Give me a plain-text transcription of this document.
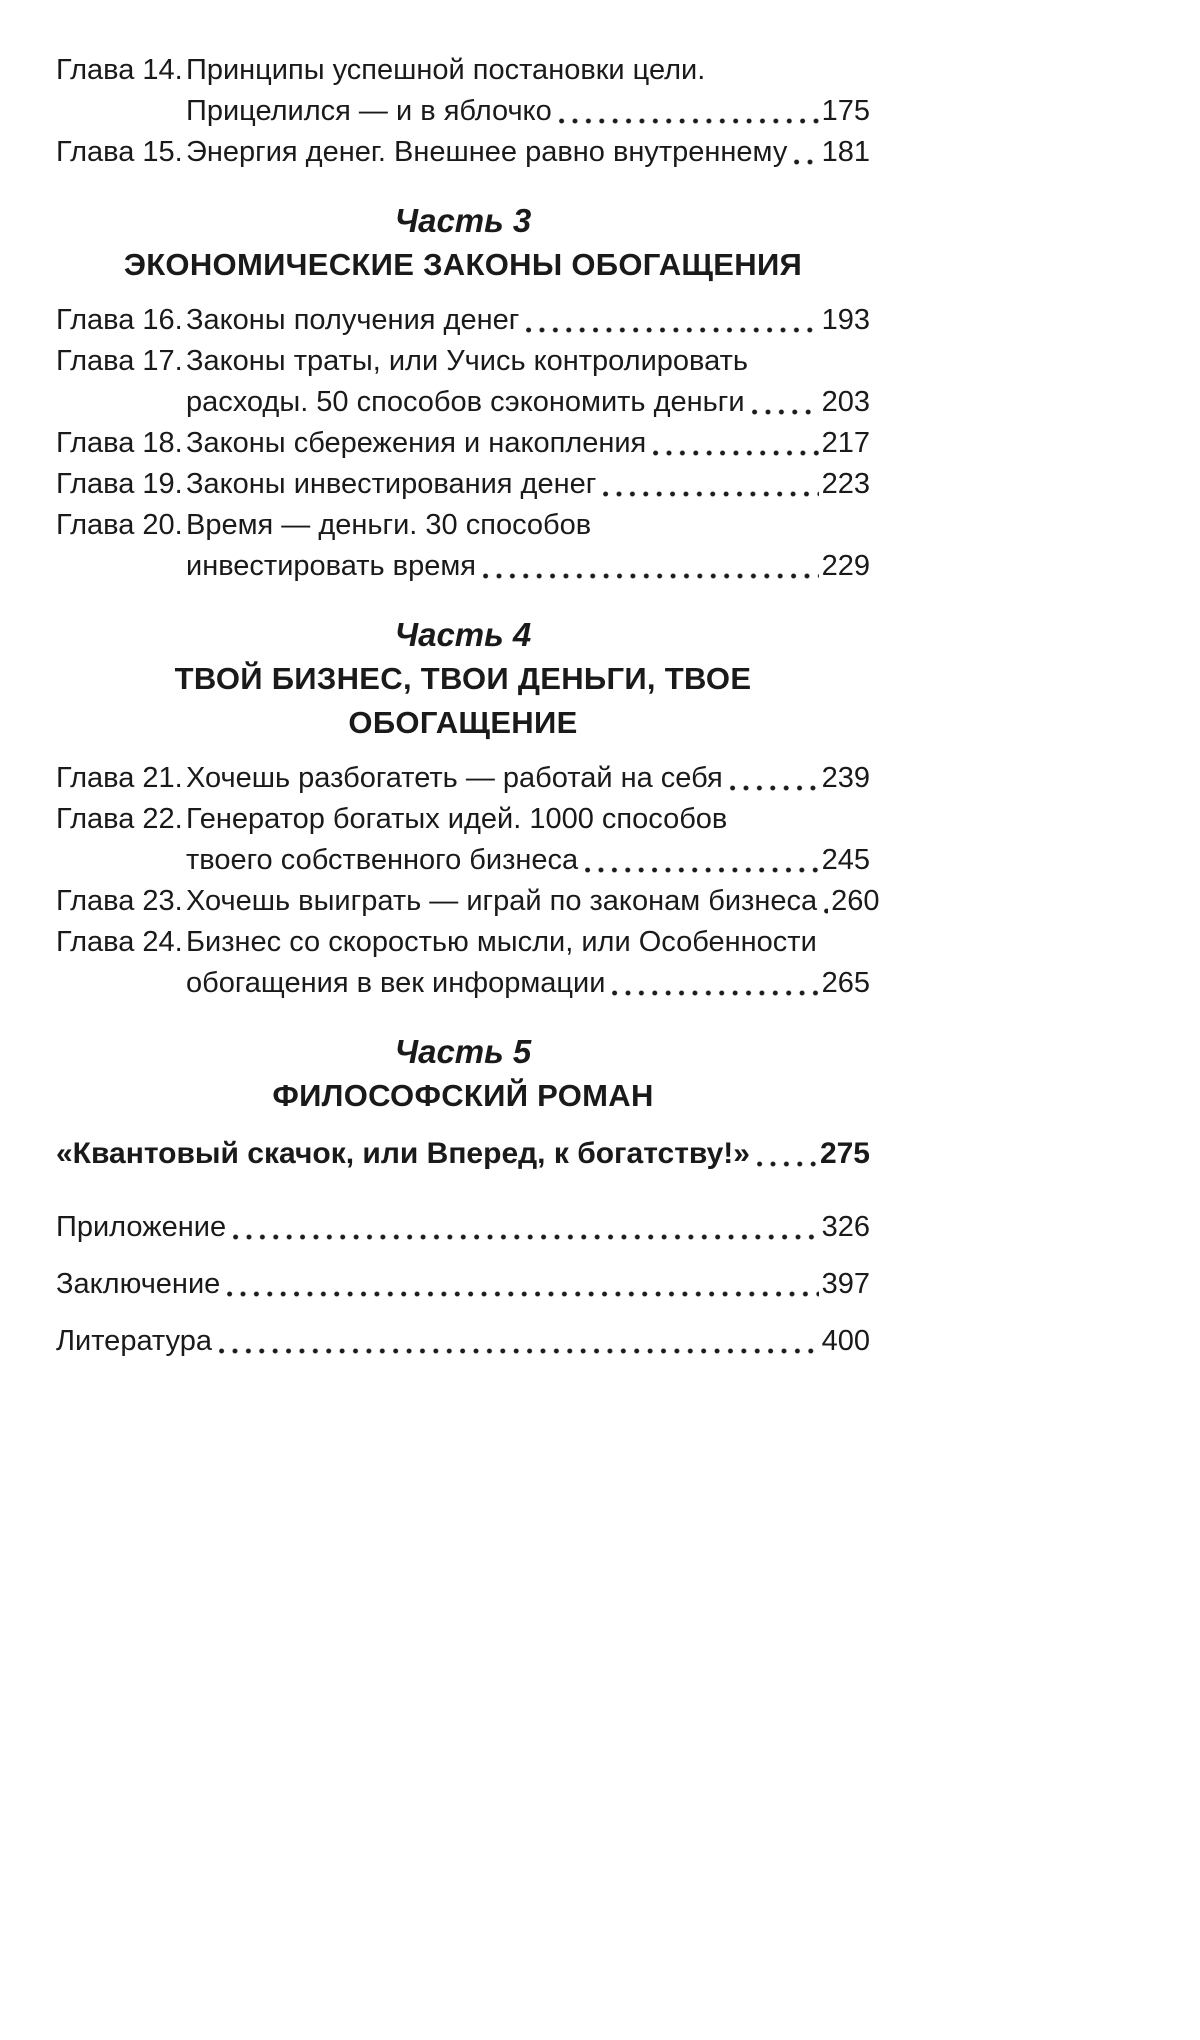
Глава 14. Принципы успешной постановки цели.
Прицелился — и в яблочко	175
Глава 15. Энергия денег. Внешнее равно внутреннему 181
Часть 3
ЭКОНОМИЧЕСКИЕ ЗАКОНЫ ОБОГАЩЕНИЯ
Глава 16. Законы получения денег	193
Глава 17. Законы траты, или Учись контролировать
расходы. 50 способов сэкономить деньги	203
Глава 18. Законы сбережения и накопления	217
Глава 19. Законы инвестирования денег	223
Глава 20. Время — деньги. 30 способов
инвестировать время	229
Часть 4
ТВОЙ БИЗНЕС, ТВОИ ДЕНЬГИ, ТВОЕ ОБОГАЩЕНИЕ
Глава 21. Хочешь разбогатеть — работай на себя	239
Глава 22. Генератор богатых идей. 1000 способов
твоего собственного бизнеса	245
Глава 23. Хочешь выиграть — играй по законам бизнеса 260
Глава 24. Бизнес со скоростью мысли, или Особенности
обогащения в век информации	265
Часть 5
ФИЛОСОФСКИЙ РОМАН
«Квантовый скачок, или Вперед, к богатству!» 275
Приложение	326
Заключение	397
Литература	400
